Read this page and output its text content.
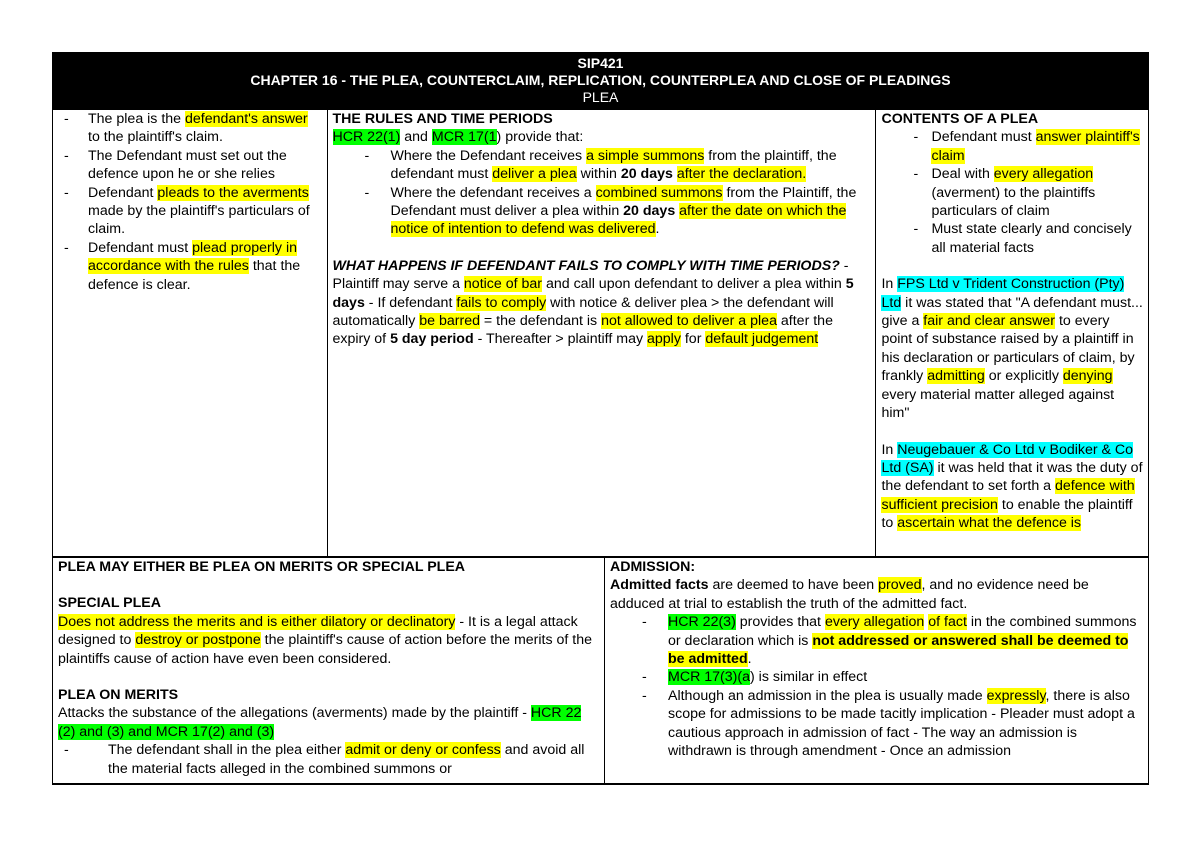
SIP421
CHAPTER 16 - THE PLEA, COUNTERCLAIM, REPLICATION, COUNTERPLEA AND CLOSE OF PLEADINGS
PLEA
- The plea is the defendant's answer to the plaintiff's claim.
- The Defendant must set out the defence upon he or she relies
- Defendant pleads to the averments made by the plaintiff's particulars of claim.
- Defendant must plead properly in accordance with the rules that the defence is clear.
THE RULES AND TIME PERIODS
HCR 22(1) and MCR 17(1) provide that:
- Where the Defendant receives a simple summons from the plaintiff, the defendant must deliver a plea within 20 days after the declaration.
- Where the defendant receives a combined summons from the Plaintiff, the Defendant must deliver a plea within 20 days after the date on which the notice of intention to defend was delivered.
WHAT HAPPENS IF DEFENDANT FAILS TO COMPLY WITH TIME PERIODS? - Plaintiff may serve a notice of bar and call upon defendant to deliver a plea within 5 days - If defendant fails to comply with notice & deliver plea > the defendant will automatically be barred = the defendant is not allowed to deliver a plea after the expiry of 5 day period - Thereafter > plaintiff may apply for default judgement
CONTENTS OF A PLEA
- Defendant must answer plaintiff's claim
- Deal with every allegation (averment) to the plaintiffs particulars of claim
- Must state clearly and concisely all material facts
In FPS Ltd v Trident Construction (Pty) Ltd it was stated that "A defendant must... give a fair and clear answer to every point of substance raised by a plaintiff in his declaration or particulars of claim, by frankly admitting or explicitly denying every material matter alleged against him"
In Neugebauer & Co Ltd v Bodiker & Co Ltd (SA) it was held that it was the duty of the defendant to set forth a defence with sufficient precision to enable the plaintiff to ascertain what the defence is
PLEA MAY EITHER BE PLEA ON MERITS OR SPECIAL PLEA
SPECIAL PLEA
Does not address the merits and is either dilatory or declinatory - It is a legal attack designed to destroy or postpone the plaintiff's cause of action before the merits of the plaintiffs cause of action have even been considered.
PLEA ON MERITS
Attacks the substance of the allegations (averments) made by the plaintiff - HCR 22 (2) and (3) and MCR 17(2) and (3)
- The defendant shall in the plea either admit or deny or confess and avoid all the material facts alleged in the combined summons or
ADMISSION:
Admitted facts are deemed to have been proved, and no evidence need be adduced at trial to establish the truth of the admitted fact.
- HCR 22(3) provides that every allegation of fact in the combined summons or declaration which is not addressed or answered shall be deemed to be admitted.
- MCR 17(3)(a) is similar in effect
- Although an admission in the plea is usually made expressly, there is also scope for admissions to be made tacitly implication - Pleader must adopt a cautious approach in admission of fact - The way an admission is withdrawn is through amendment - Once an admission
